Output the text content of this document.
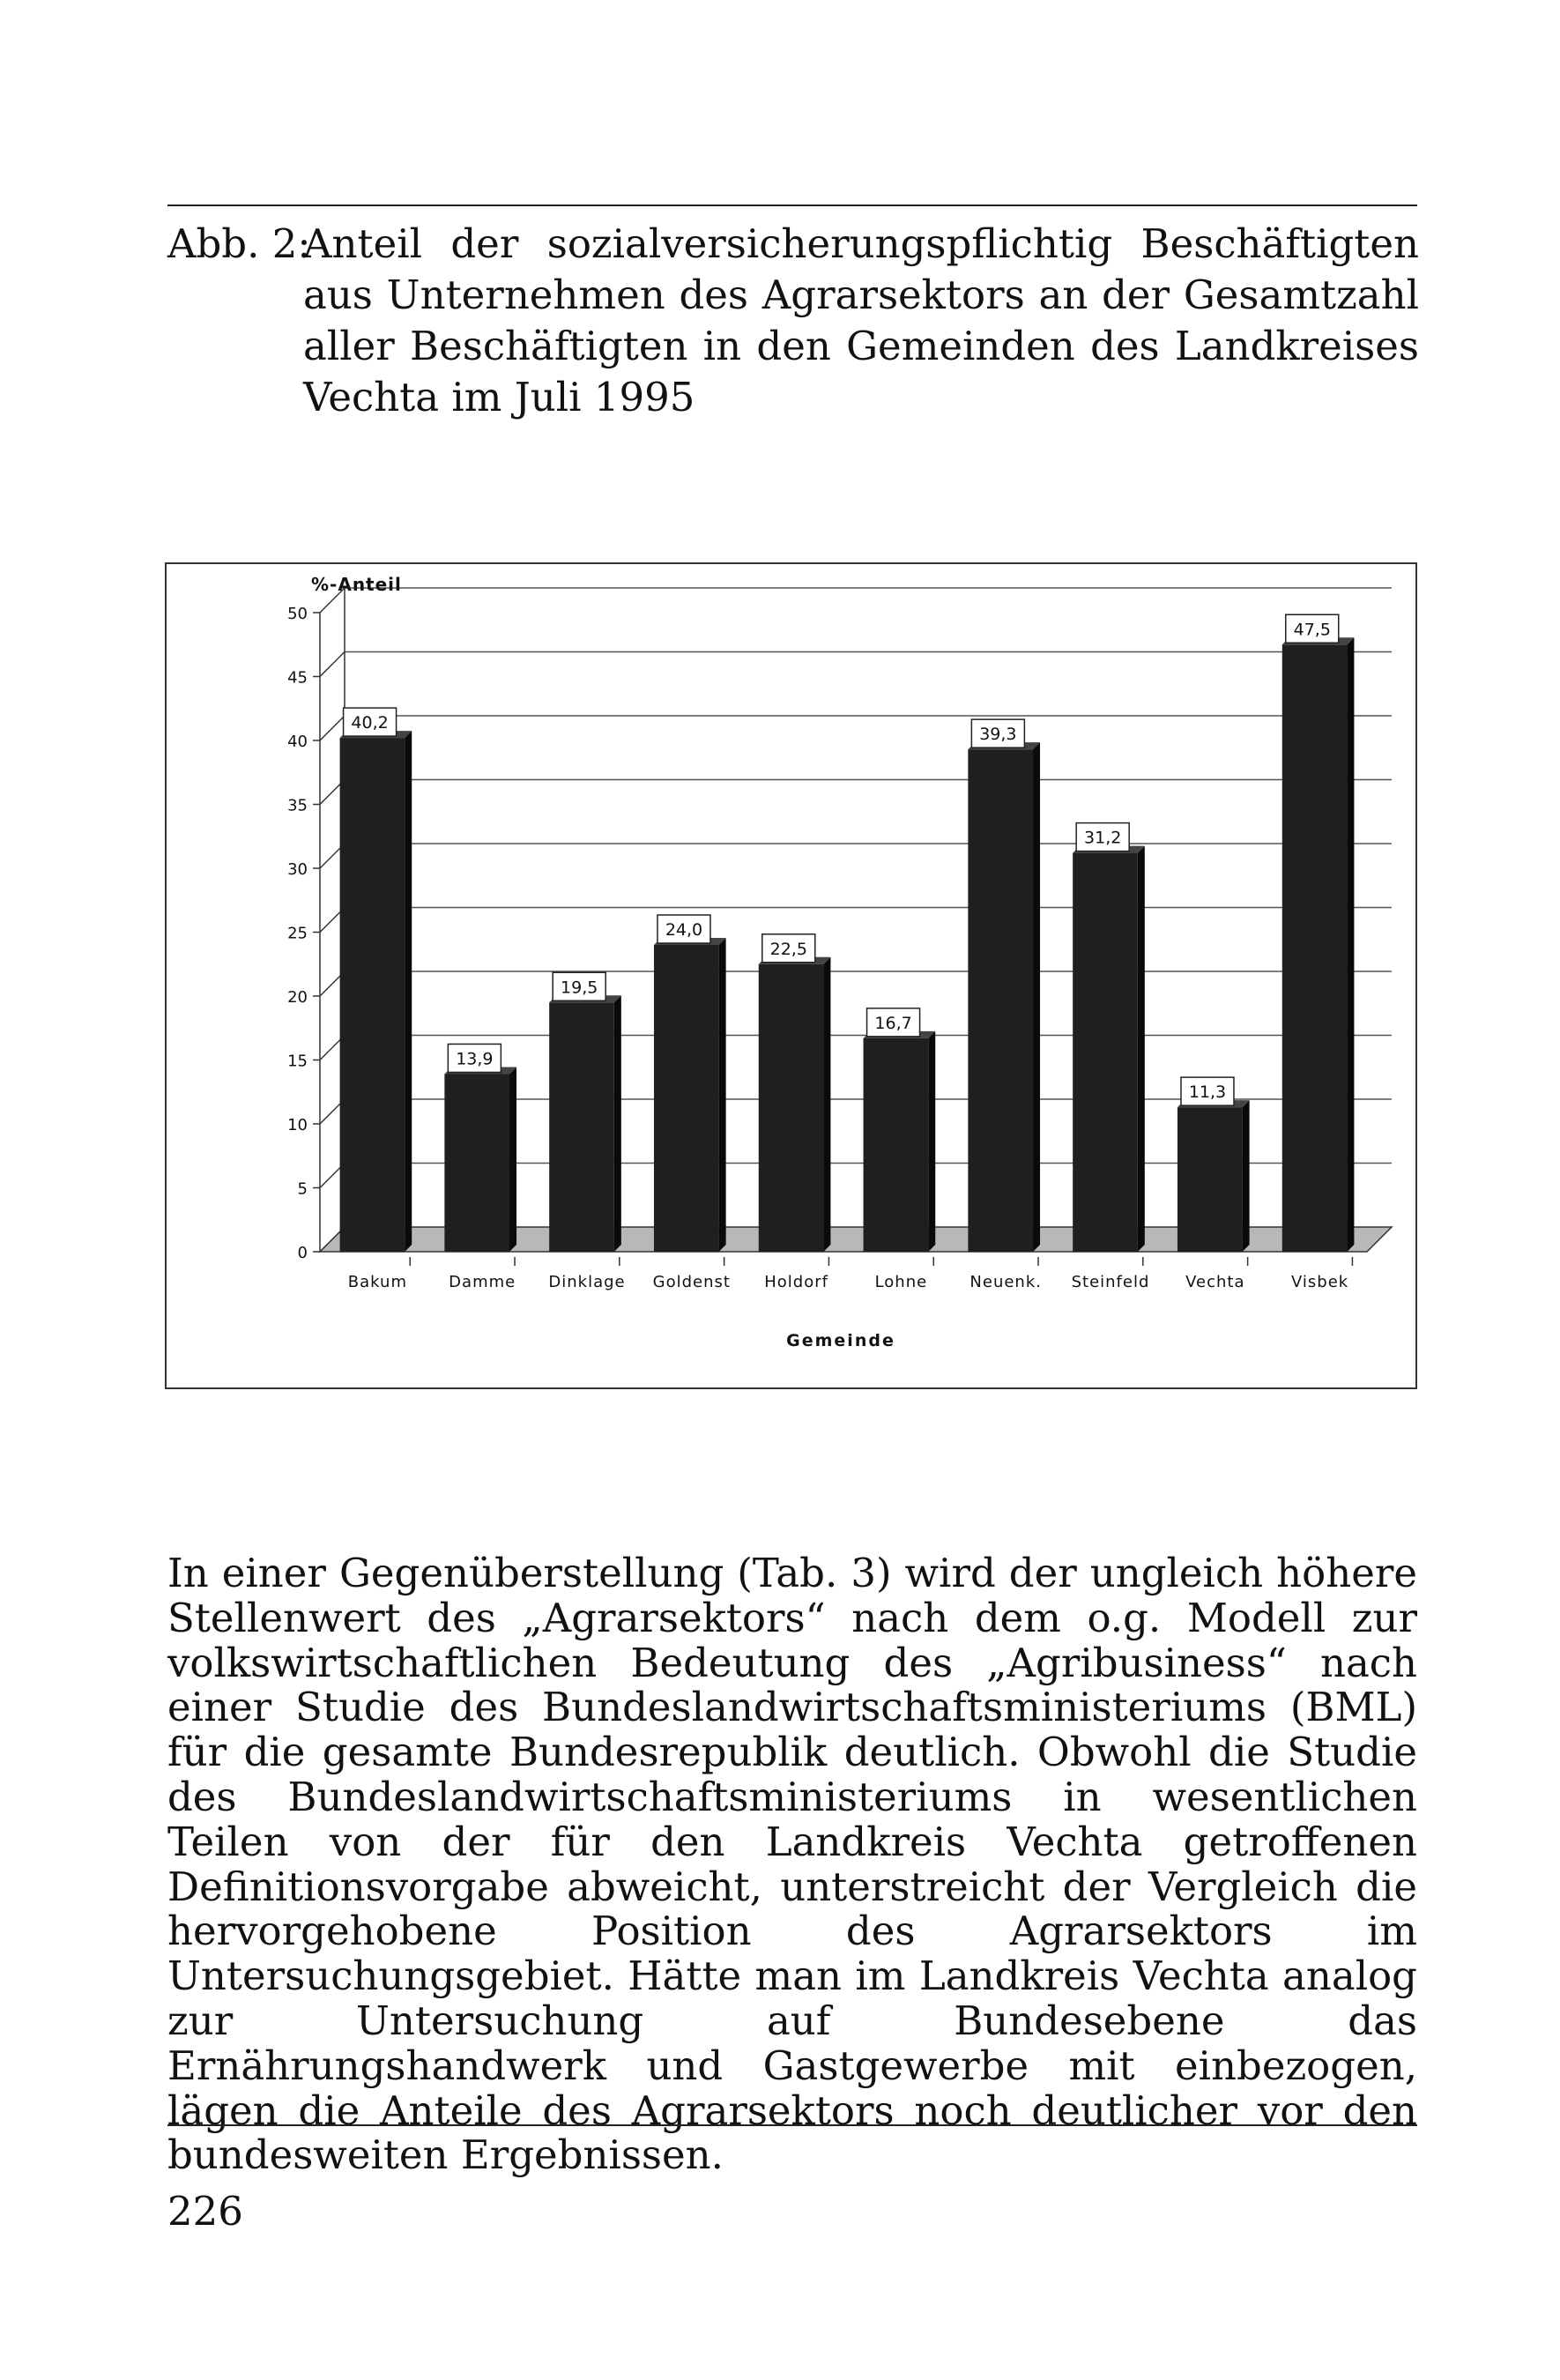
Abb. 2:
Anteil der sozialversicherungspflichtig Beschäftigten aus Unternehmen des Agrarsektors an der Gesamtzahl aller Beschäftigten in den Gemeinden des Landkreises Vechta im Juli 1995
40,2
13,9
19,5
24,0
22,5
16,7
39,3
31,2
11,3
47,5
0
5
10
15
20
25
30
35
40
45
50
Bakum	Damme Dinklage Goldenst Holdorf	Lohne	Neuenk. Steinfeld Vechta	Visbek
%-Anteil
Gemeinde
In einer Gegenüberstellung (Tab. 3) wird der ungleich höhere Stellenwert des „Agrarsektors“ nach dem o.g. Modell zur volkswirtschaftlichen Bedeutung des „Agribusiness“ nach einer Studie des Bundeslandwirtschaftsministeriums (BML) für die gesamte Bundesrepublik deutlich. Obwohl die Studie des Bundeslandwirtschaftsministeriums in wesentlichen Teilen von der für den Landkreis Vechta getroffenen Definitionsvorgabe abweicht, unterstreicht der Vergleich die hervorgehobene Position des Agrarsektors im Untersuchungsgebiet. Hätte man im Landkreis Vechta analog zur Untersuchung auf Bundesebene das Ernährungshandwerk und Gastgewerbe mit einbezogen, lägen die Anteile des Agrarsektors noch deutlicher vor den bundesweiten Ergebnissen.
226
